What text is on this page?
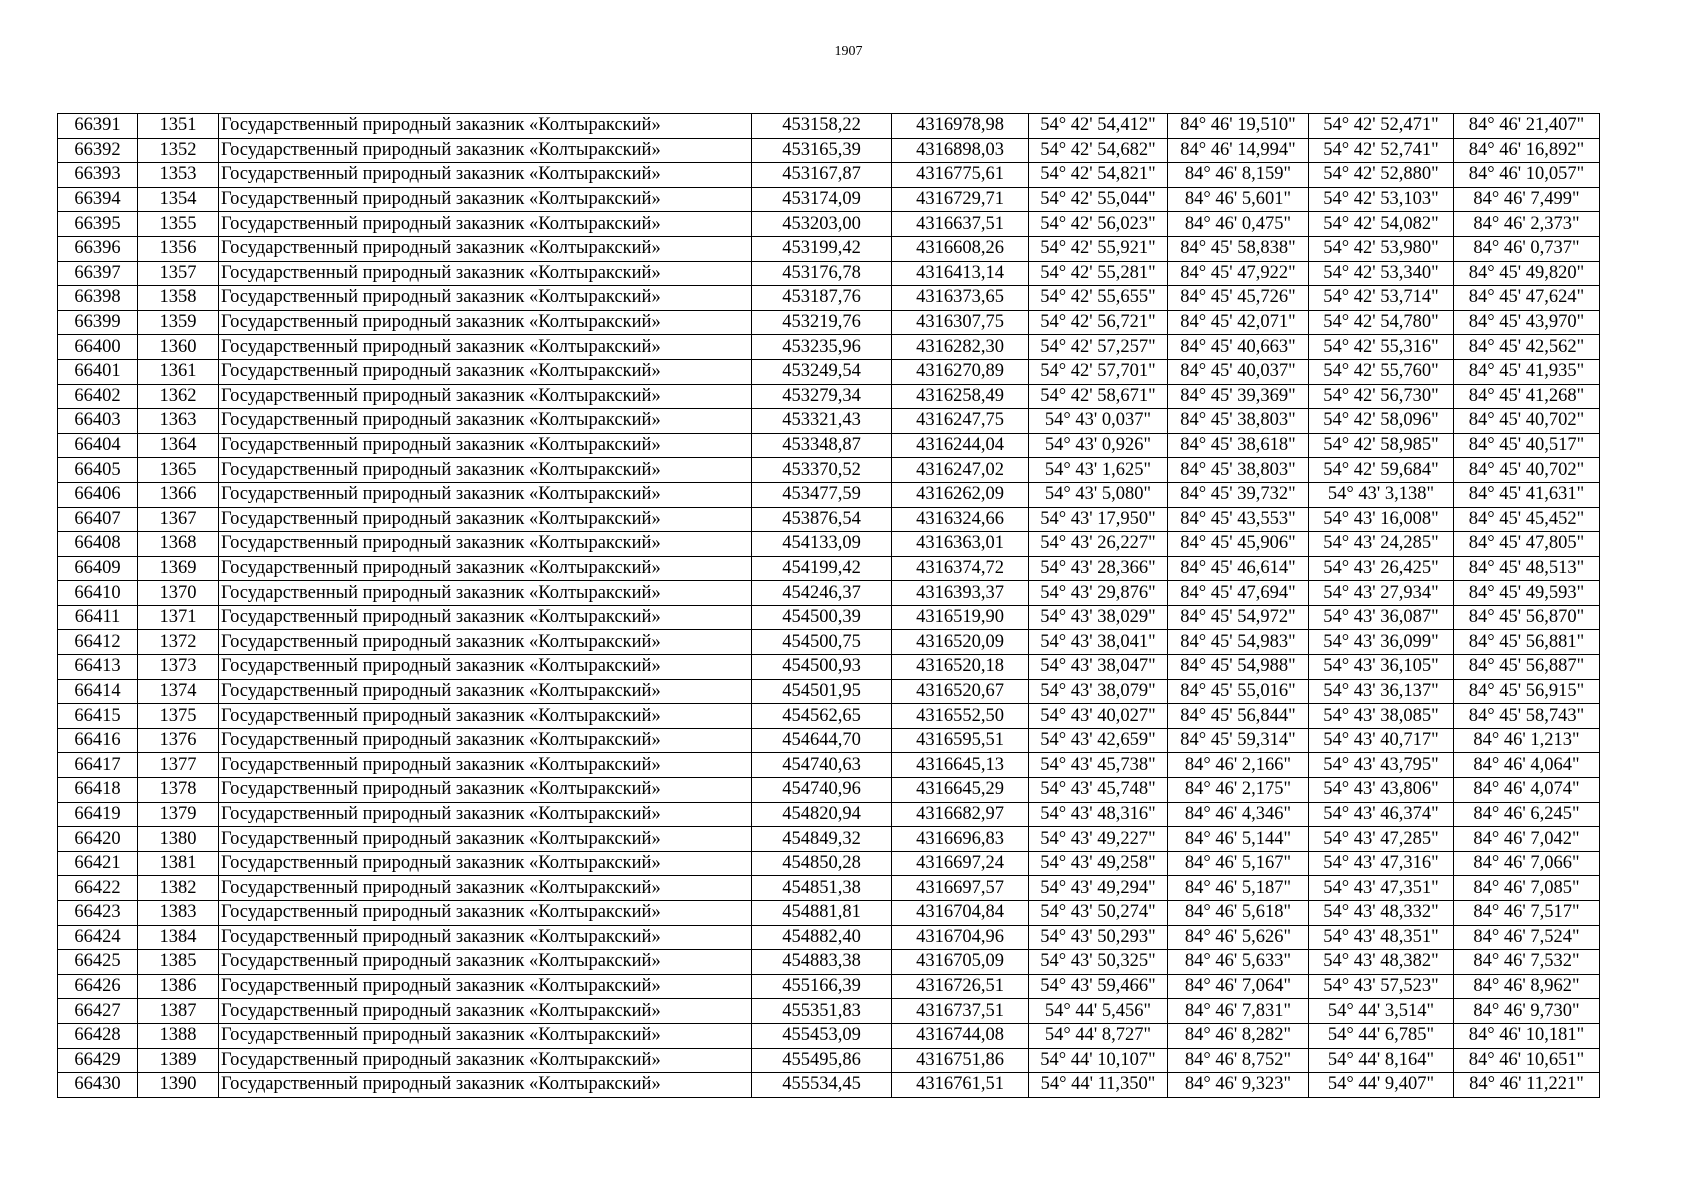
1907
66391	1351	Государственный природный заказник «Колтыракский»	453158,22	4316978,98	54° 42' 54,412"	84° 46' 19,510"	54° 42' 52,471"	84° 46' 21,407"
66392	1352	Государственный природный заказник «Колтыракский»	453165,39	4316898,03	54° 42' 54,682"	84° 46' 14,994"	54° 42' 52,741"	84° 46' 16,892"
66393	1353	Государственный природный заказник «Колтыракский»	453167,87	4316775,61	54° 42' 54,821"	84° 46' 8,159"	54° 42' 52,880"	84° 46' 10,057"
66394	1354	Государственный природный заказник «Колтыракский»	453174,09	4316729,71	54° 42' 55,044"	84° 46' 5,601"	54° 42' 53,103"	84° 46' 7,499"
66395	1355	Государственный природный заказник «Колтыракский»	453203,00	4316637,51	54° 42' 56,023"	84° 46' 0,475"	54° 42' 54,082"	84° 46' 2,373"
66396	1356	Государственный природный заказник «Колтыракский»	453199,42	4316608,26	54° 42' 55,921"	84° 45' 58,838"	54° 42' 53,980"	84° 46' 0,737"
66397	1357	Государственный природный заказник «Колтыракский»	453176,78	4316413,14	54° 42' 55,281"	84° 45' 47,922"	54° 42' 53,340"	84° 45' 49,820"
66398	1358	Государственный природный заказник «Колтыракский»	453187,76	4316373,65	54° 42' 55,655"	84° 45' 45,726"	54° 42' 53,714"	84° 45' 47,624"
66399	1359	Государственный природный заказник «Колтыракский»	453219,76	4316307,75	54° 42' 56,721"	84° 45' 42,071"	54° 42' 54,780"	84° 45' 43,970"
66400	1360	Государственный природный заказник «Колтыракский»	453235,96	4316282,30	54° 42' 57,257"	84° 45' 40,663"	54° 42' 55,316"	84° 45' 42,562"
66401	1361	Государственный природный заказник «Колтыракский»	453249,54	4316270,89	54° 42' 57,701"	84° 45' 40,037"	54° 42' 55,760"	84° 45' 41,935"
66402	1362	Государственный природный заказник «Колтыракский»	453279,34	4316258,49	54° 42' 58,671"	84° 45' 39,369"	54° 42' 56,730"	84° 45' 41,268"
66403	1363	Государственный природный заказник «Колтыракский»	453321,43	4316247,75	54° 43' 0,037"	84° 45' 38,803"	54° 42' 58,096"	84° 45' 40,702"
66404	1364	Государственный природный заказник «Колтыракский»	453348,87	4316244,04	54° 43' 0,926"	84° 45' 38,618"	54° 42' 58,985"	84° 45' 40,517"
66405	1365	Государственный природный заказник «Колтыракский»	453370,52	4316247,02	54° 43' 1,625"	84° 45' 38,803"	54° 42' 59,684"	84° 45' 40,702"
66406	1366	Государственный природный заказник «Колтыракский»	453477,59	4316262,09	54° 43' 5,080"	84° 45' 39,732"	54° 43' 3,138"	84° 45' 41,631"
66407	1367	Государственный природный заказник «Колтыракский»	453876,54	4316324,66	54° 43' 17,950"	84° 45' 43,553"	54° 43' 16,008"	84° 45' 45,452"
66408	1368	Государственный природный заказник «Колтыракский»	454133,09	4316363,01	54° 43' 26,227"	84° 45' 45,906"	54° 43' 24,285"	84° 45' 47,805"
66409	1369	Государственный природный заказник «Колтыракский»	454199,42	4316374,72	54° 43' 28,366"	84° 45' 46,614"	54° 43' 26,425"	84° 45' 48,513"
66410	1370	Государственный природный заказник «Колтыракский»	454246,37	4316393,37	54° 43' 29,876"	84° 45' 47,694"	54° 43' 27,934"	84° 45' 49,593"
66411	1371	Государственный природный заказник «Колтыракский»	454500,39	4316519,90	54° 43' 38,029"	84° 45' 54,972"	54° 43' 36,087"	84° 45' 56,870"
66412	1372	Государственный природный заказник «Колтыракский»	454500,75	4316520,09	54° 43' 38,041"	84° 45' 54,983"	54° 43' 36,099"	84° 45' 56,881"
66413	1373	Государственный природный заказник «Колтыракский»	454500,93	4316520,18	54° 43' 38,047"	84° 45' 54,988"	54° 43' 36,105"	84° 45' 56,887"
66414	1374	Государственный природный заказник «Колтыракский»	454501,95	4316520,67	54° 43' 38,079"	84° 45' 55,016"	54° 43' 36,137"	84° 45' 56,915"
66415	1375	Государственный природный заказник «Колтыракский»	454562,65	4316552,50	54° 43' 40,027"	84° 45' 56,844"	54° 43' 38,085"	84° 45' 58,743"
66416	1376	Государственный природный заказник «Колтыракский»	454644,70	4316595,51	54° 43' 42,659"	84° 45' 59,314"	54° 43' 40,717"	84° 46' 1,213"
66417	1377	Государственный природный заказник «Колтыракский»	454740,63	4316645,13	54° 43' 45,738"	84° 46' 2,166"	54° 43' 43,795"	84° 46' 4,064"
66418	1378	Государственный природный заказник «Колтыракский»	454740,96	4316645,29	54° 43' 45,748"	84° 46' 2,175"	54° 43' 43,806"	84° 46' 4,074"
66419	1379	Государственный природный заказник «Колтыракский»	454820,94	4316682,97	54° 43' 48,316"	84° 46' 4,346"	54° 43' 46,374"	84° 46' 6,245"
66420	1380	Государственный природный заказник «Колтыракский»	454849,32	4316696,83	54° 43' 49,227"	84° 46' 5,144"	54° 43' 47,285"	84° 46' 7,042"
66421	1381	Государственный природный заказник «Колтыракский»	454850,28	4316697,24	54° 43' 49,258"	84° 46' 5,167"	54° 43' 47,316"	84° 46' 7,066"
66422	1382	Государственный природный заказник «Колтыракский»	454851,38	4316697,57	54° 43' 49,294"	84° 46' 5,187"	54° 43' 47,351"	84° 46' 7,085"
66423	1383	Государственный природный заказник «Колтыракский»	454881,81	4316704,84	54° 43' 50,274"	84° 46' 5,618"	54° 43' 48,332"	84° 46' 7,517"
66424	1384	Государственный природный заказник «Колтыракский»	454882,40	4316704,96	54° 43' 50,293"	84° 46' 5,626"	54° 43' 48,351"	84° 46' 7,524"
66425	1385	Государственный природный заказник «Колтыракский»	454883,38	4316705,09	54° 43' 50,325"	84° 46' 5,633"	54° 43' 48,382"	84° 46' 7,532"
66426	1386	Государственный природный заказник «Колтыракский»	455166,39	4316726,51	54° 43' 59,466"	84° 46' 7,064"	54° 43' 57,523"	84° 46' 8,962"
66427	1387	Государственный природный заказник «Колтыракский»	455351,83	4316737,51	54° 44' 5,456"	84° 46' 7,831"	54° 44' 3,514"	84° 46' 9,730"
66428	1388	Государственный природный заказник «Колтыракский»	455453,09	4316744,08	54° 44' 8,727"	84° 46' 8,282"	54° 44' 6,785"	84° 46' 10,181"
66429	1389	Государственный природный заказник «Колтыракский»	455495,86	4316751,86	54° 44' 10,107"	84° 46' 8,752"	54° 44' 8,164"	84° 46' 10,651"
66430	1390	Государственный природный заказник «Колтыракский»	455534,45	4316761,51	54° 44' 11,350"	84° 46' 9,323"	54° 44' 9,407"	84° 46' 11,221"
